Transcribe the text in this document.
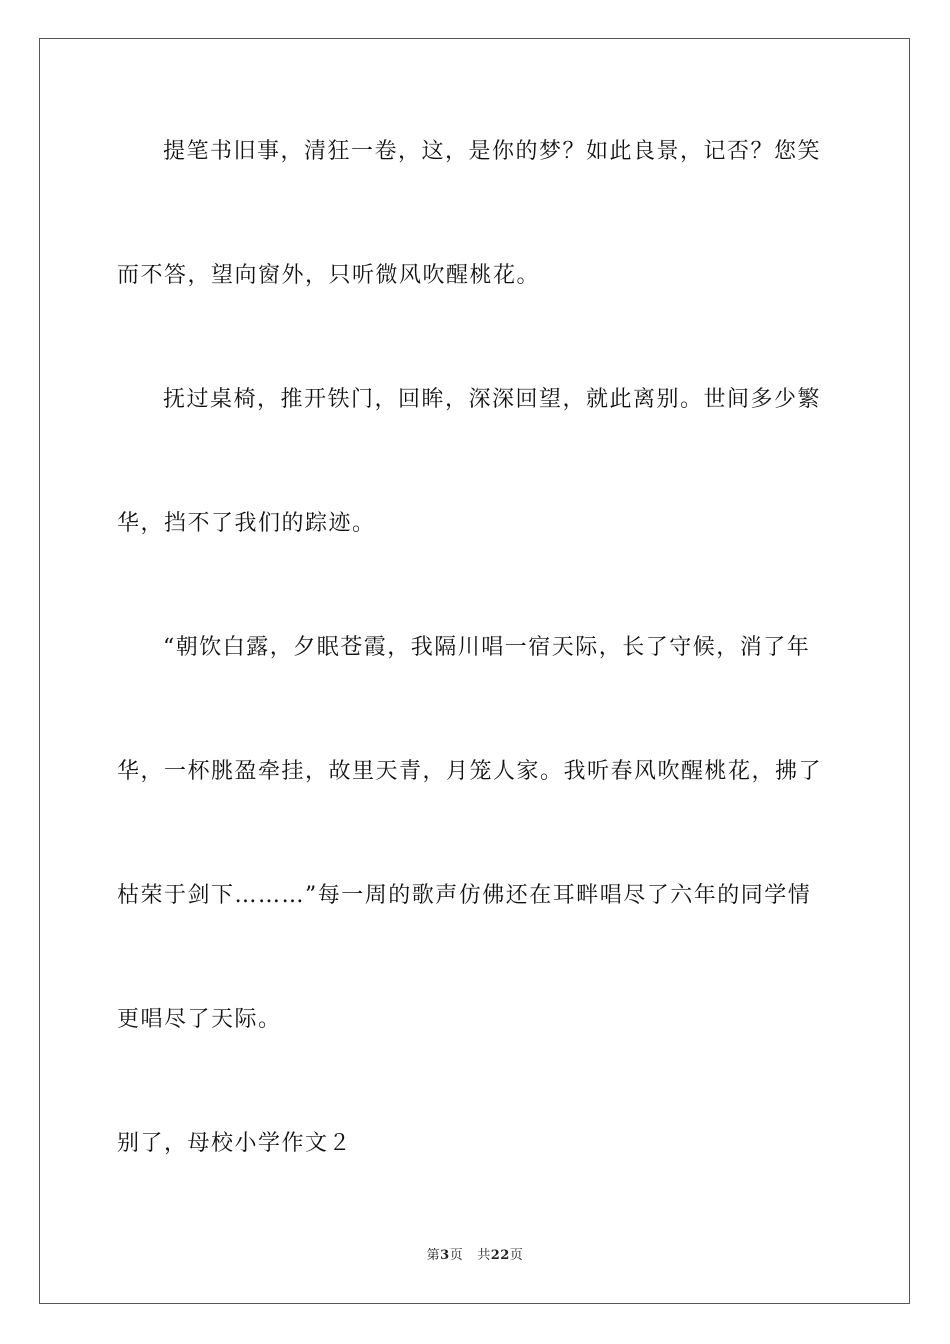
提笔书旧事，清狂一卷，这，是你的梦？如此良景，记否？您笑
而不答，望向窗外，只听微风吹醒桃花。
抚过桌椅，推开铁门，回眸，深深回望，就此离别。世间多少繁
华，挡不了我们的踪迹。
“朝饮白露，夕眠苍霞，我隔川唱一宿天际，长了守候，消了年
华，一杯朓盈牵挂，故里天青，月笼人家。我听春风吹醒桃花，拂了
枯荣于剑下………”每一周的歌声仿佛还在耳畔唱尽了六年的同学情
更唱尽了天际。
别了，母校小学作文２
第3页 共22页
